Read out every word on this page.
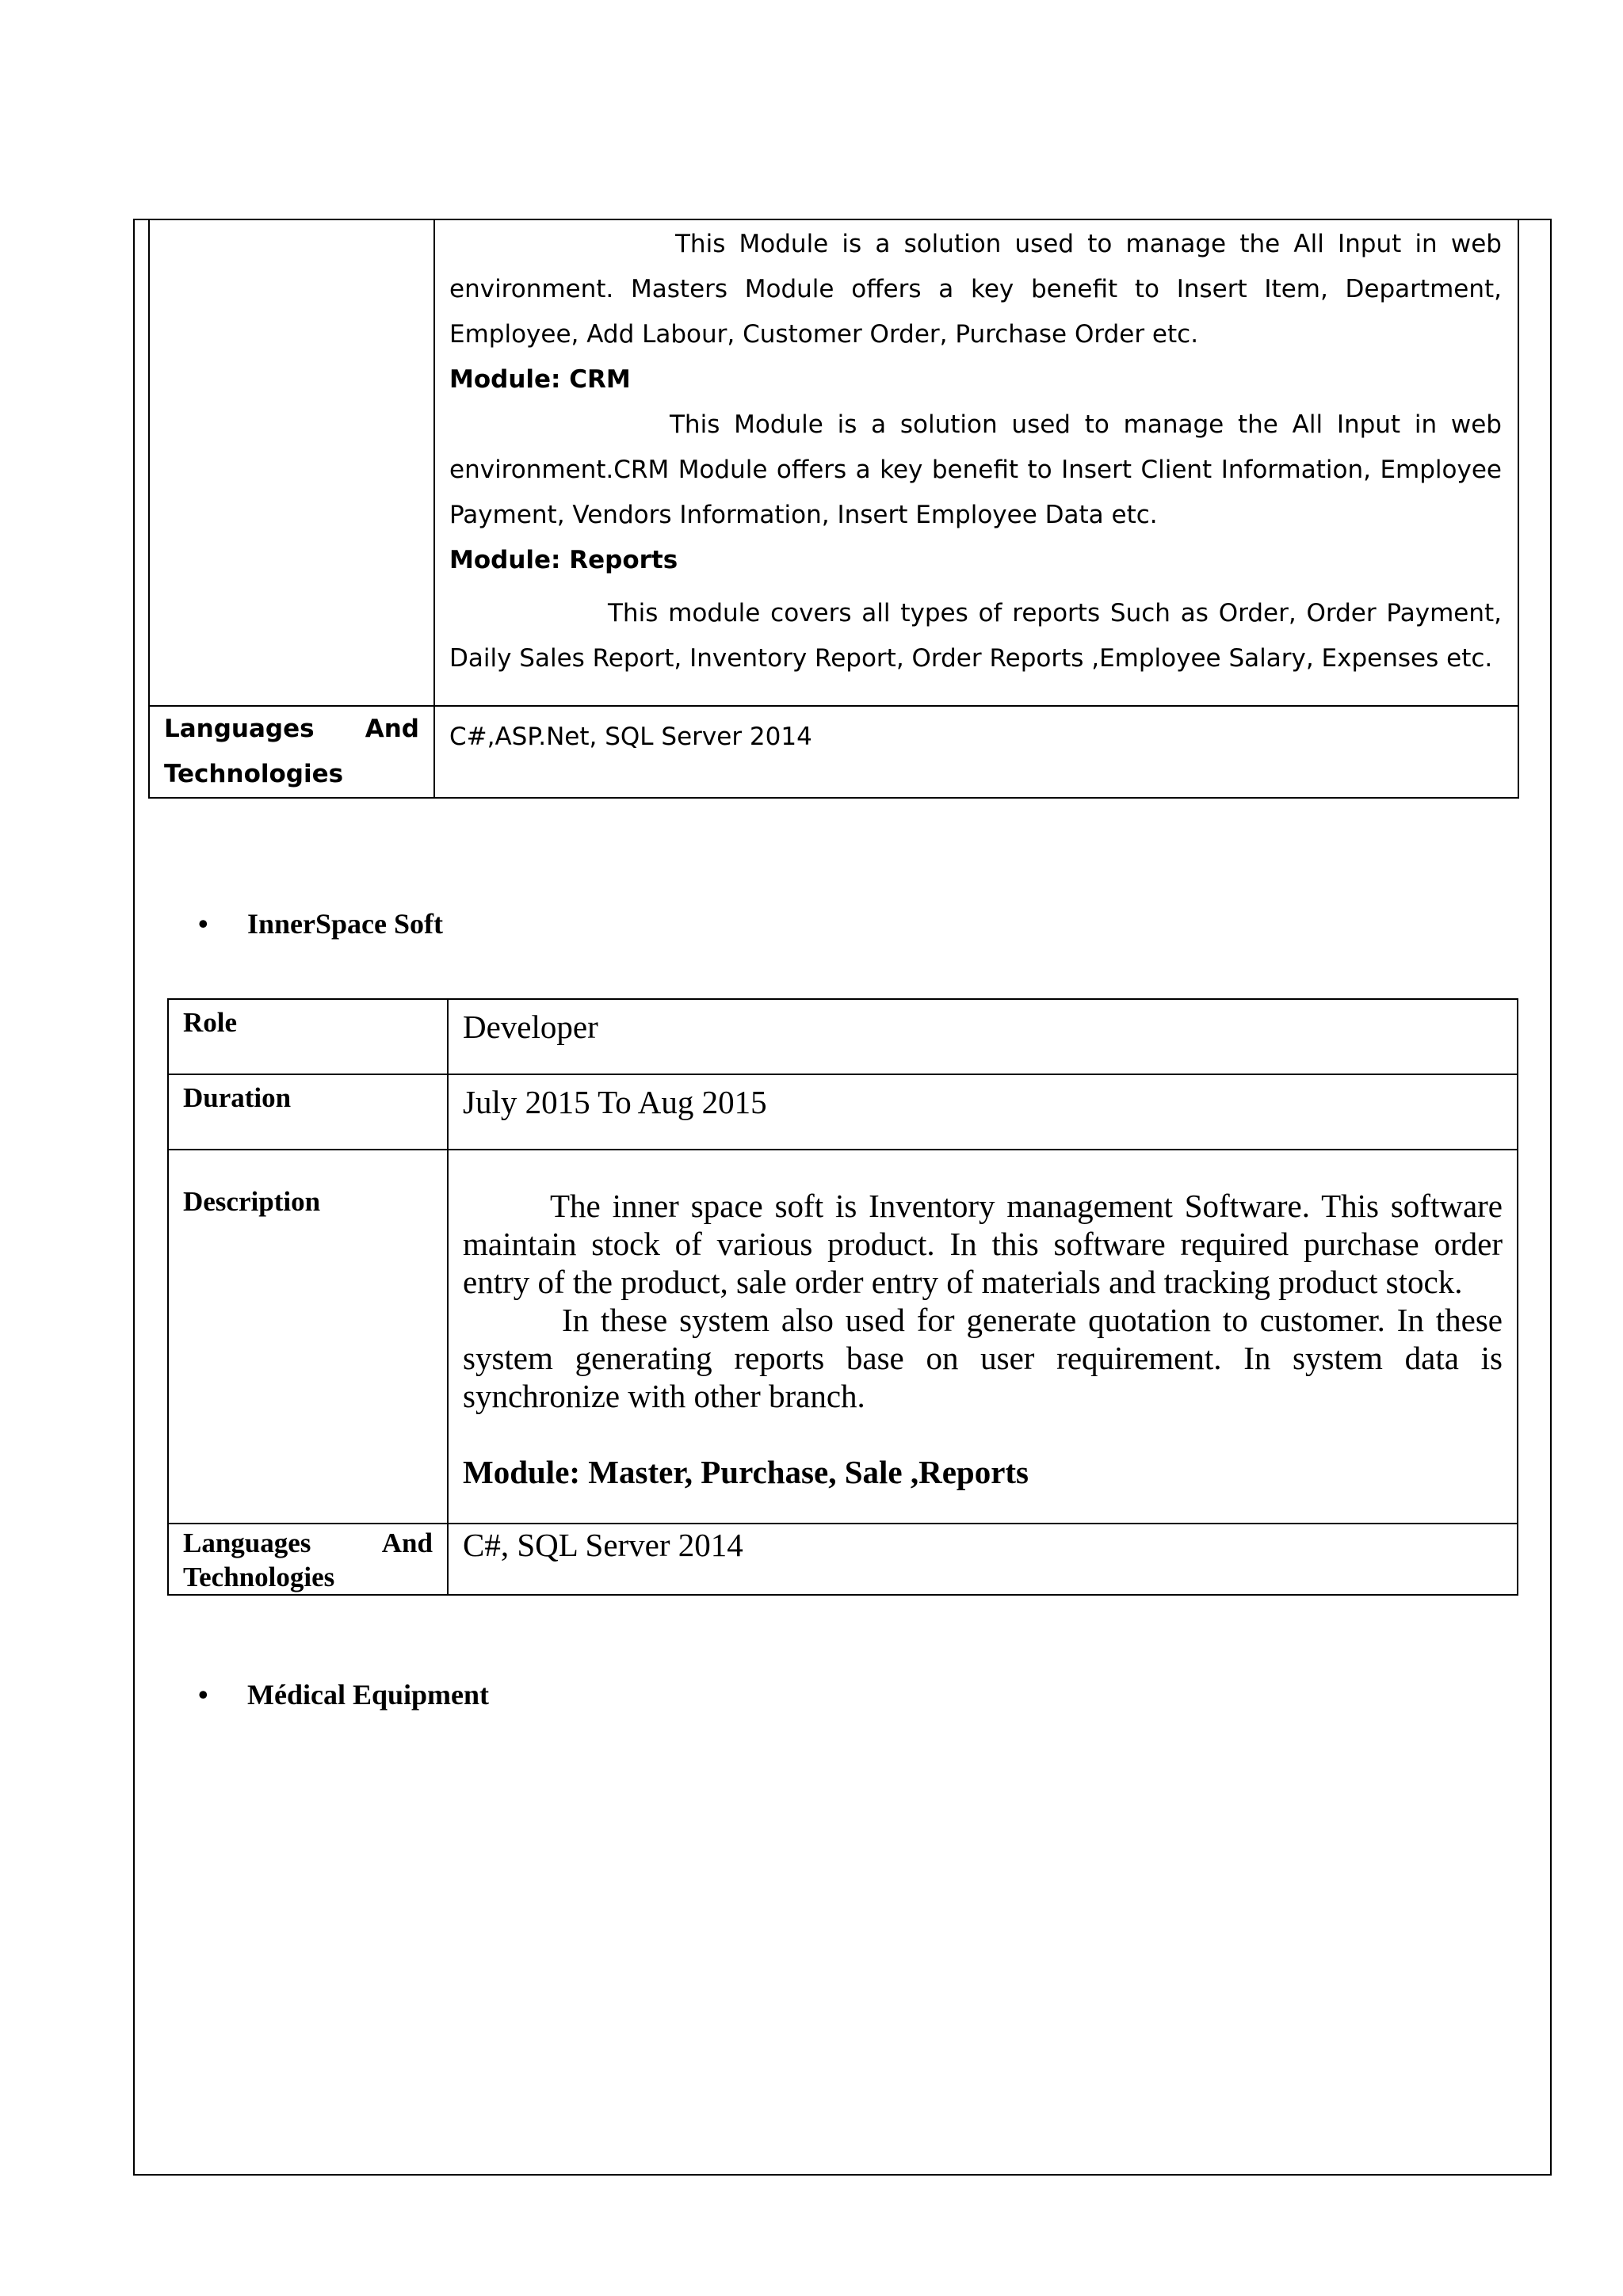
	This Module is a solution used to manage the All Input in web environment. Masters Module offers a key benefit to Insert Item, Department, Employee, Add Labour, Customer Order, Purchase Order etc.

Module: CRM

This Module is a solution used to manage the All Input in web environment.CRM Module offers a key benefit to Insert Client Information, Employee Payment, Vendors Information, Insert Employee Data etc.

Module: Reports

This module covers all types of reports Such as Order, Order Payment, Daily Sales Report, Inventory Report, Order Reports ,Employee Salary, Expenses etc.

Languages And
Technologies	C#,ASP.Net, SQL Server 2014
• InnerSpace Soft
Role	Developer
Duration	July 2015 To Aug 2015
Description	The inner space soft is Inventory management Software. This software maintain stock of various product. In this software required purchase order entry of the product, sale order entry of materials and tracking product stock.

In these system also used for generate quotation to customer. In these system generating reports base on user requirement. In system data is synchronize with other branch.

Module: Master, Purchase, Sale ,Reports

Languages And
Technologies	C#, SQL Server 2014
• Médical Equipment
